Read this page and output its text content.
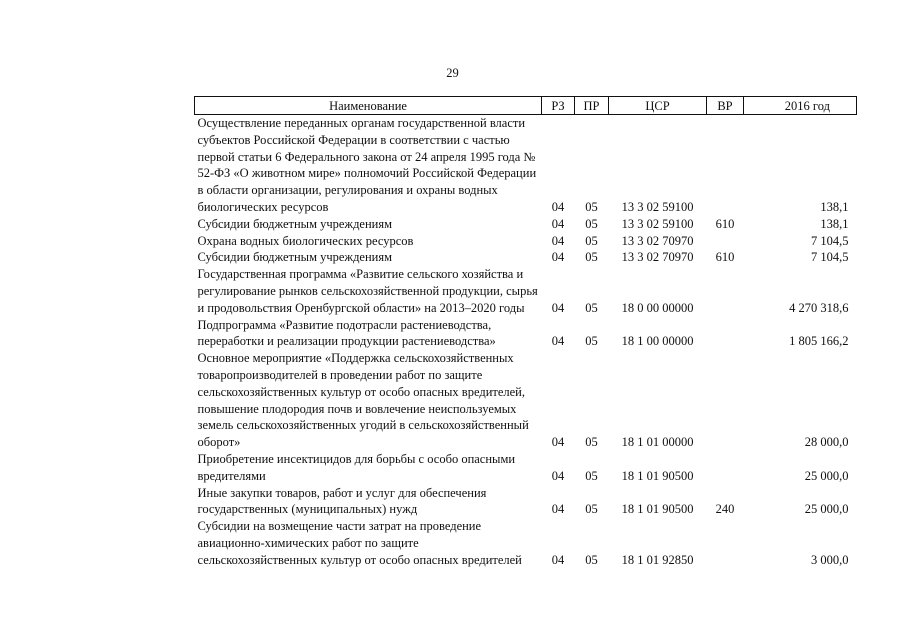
29
Наименование	РЗ	ПР	ЦСР	ВР	2016 год
Осуществление переданных органам государственной власти субъектов Российской Федерации в соответствии с частью первой статьи 6 Федерального закона от 24 апреля 1995 года № 52-ФЗ «О животном мире» полномочий Российской Федерации в области организации, регулирования и охраны водных биологических ресурсов	04	05	13 3 02 59100		138,1
Субсидии бюджетным учреждениям	04	05	13 3 02 59100	610	138,1
Охрана водных биологических ресурсов	04	05	13 3 02 70970		7 104,5
Субсидии бюджетным учреждениям	04	05	13 3 02 70970	610	7 104,5
Государственная программа «Развитие сельского хозяйства и регулирование рынков сельскохозяйственной продукции, сырья и продовольствия Оренбургской области» на 2013–2020 годы	04	05	18 0 00 00000		4 270 318,6
Подпрограмма «Развитие подотрасли растениеводства, переработки и реализации продукции растениеводства»	04	05	18 1 00 00000		1 805 166,2
Основное мероприятие «Поддержка сельскохозяйственных товаропроизводителей в проведении работ по защите сельскохозяйственных культур от особо опасных вредителей, повышение плодородия почв и вовлечение неиспользуемых земель сельскохозяйственных угодий в сельскохозяйственный оборот»	04	05	18 1 01 00000		28 000,0
Приобретение инсектицидов для борьбы с особо опасными вредителями	04	05	18 1 01 90500		25 000,0
Иные закупки товаров, работ и услуг для обеспечения государственных (муниципальных) нужд	04	05	18 1 01 90500	240	25 000,0
Субсидии на возмещение части затрат на проведение авиационно-химических работ по защите сельскохозяйственных культур от особо опасных вредителей	04	05	18 1 01 92850		3 000,0
